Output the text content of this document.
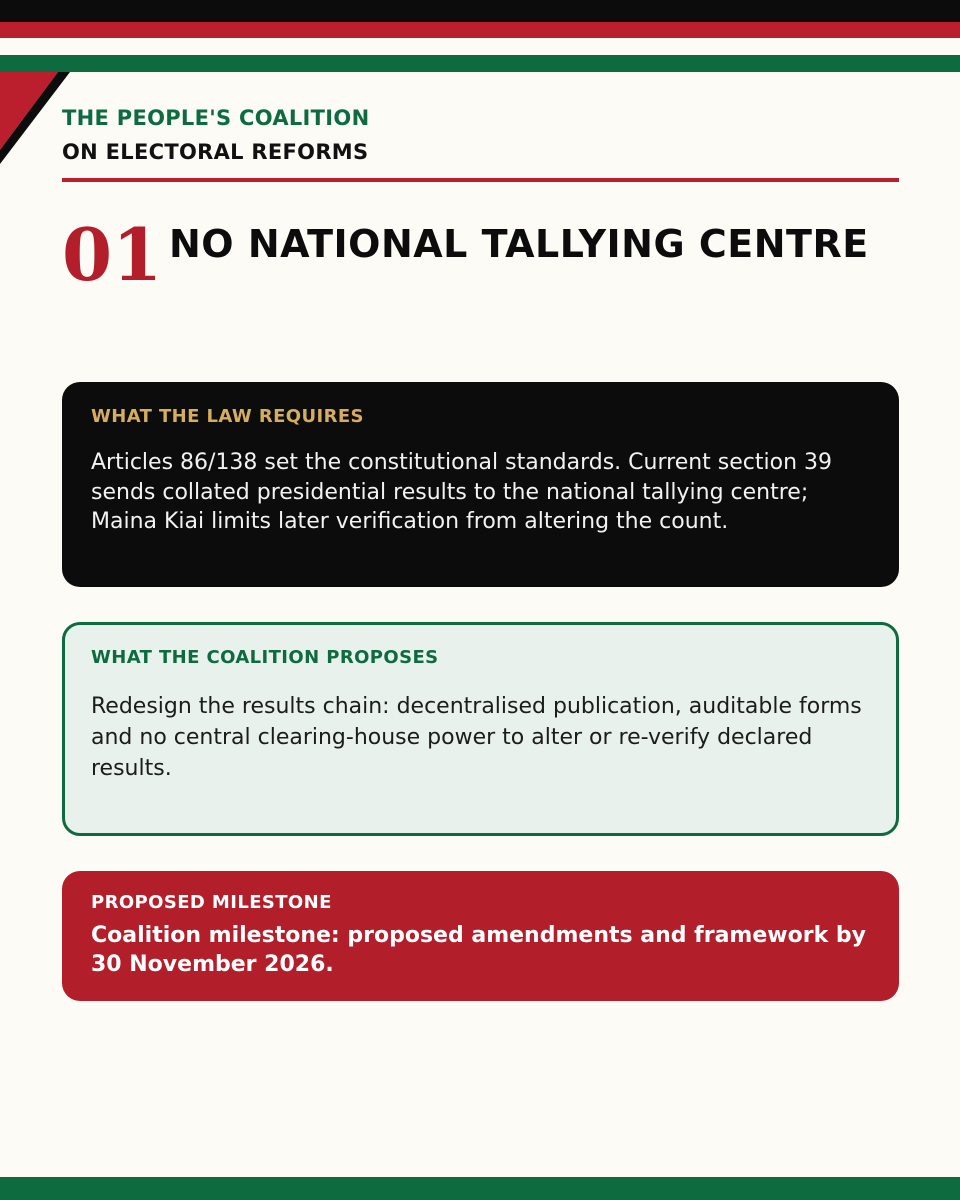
THE PEOPLE'S COALITION
ON ELECTORAL REFORMS
01 NO NATIONAL TALLYING CENTRE
WHAT THE LAW REQUIRES
Articles 86/138 set the constitutional standards. Current section 39 sends collated presidential results to the national tallying centre; Maina Kiai limits later verification from altering the count.
WHAT THE COALITION PROPOSES
Redesign the results chain: decentralised publication, auditable forms and no central clearing-house power to alter or re-verify declared results.
PROPOSED MILESTONE
Coalition milestone: proposed amendments and framework by 30 November 2026.
